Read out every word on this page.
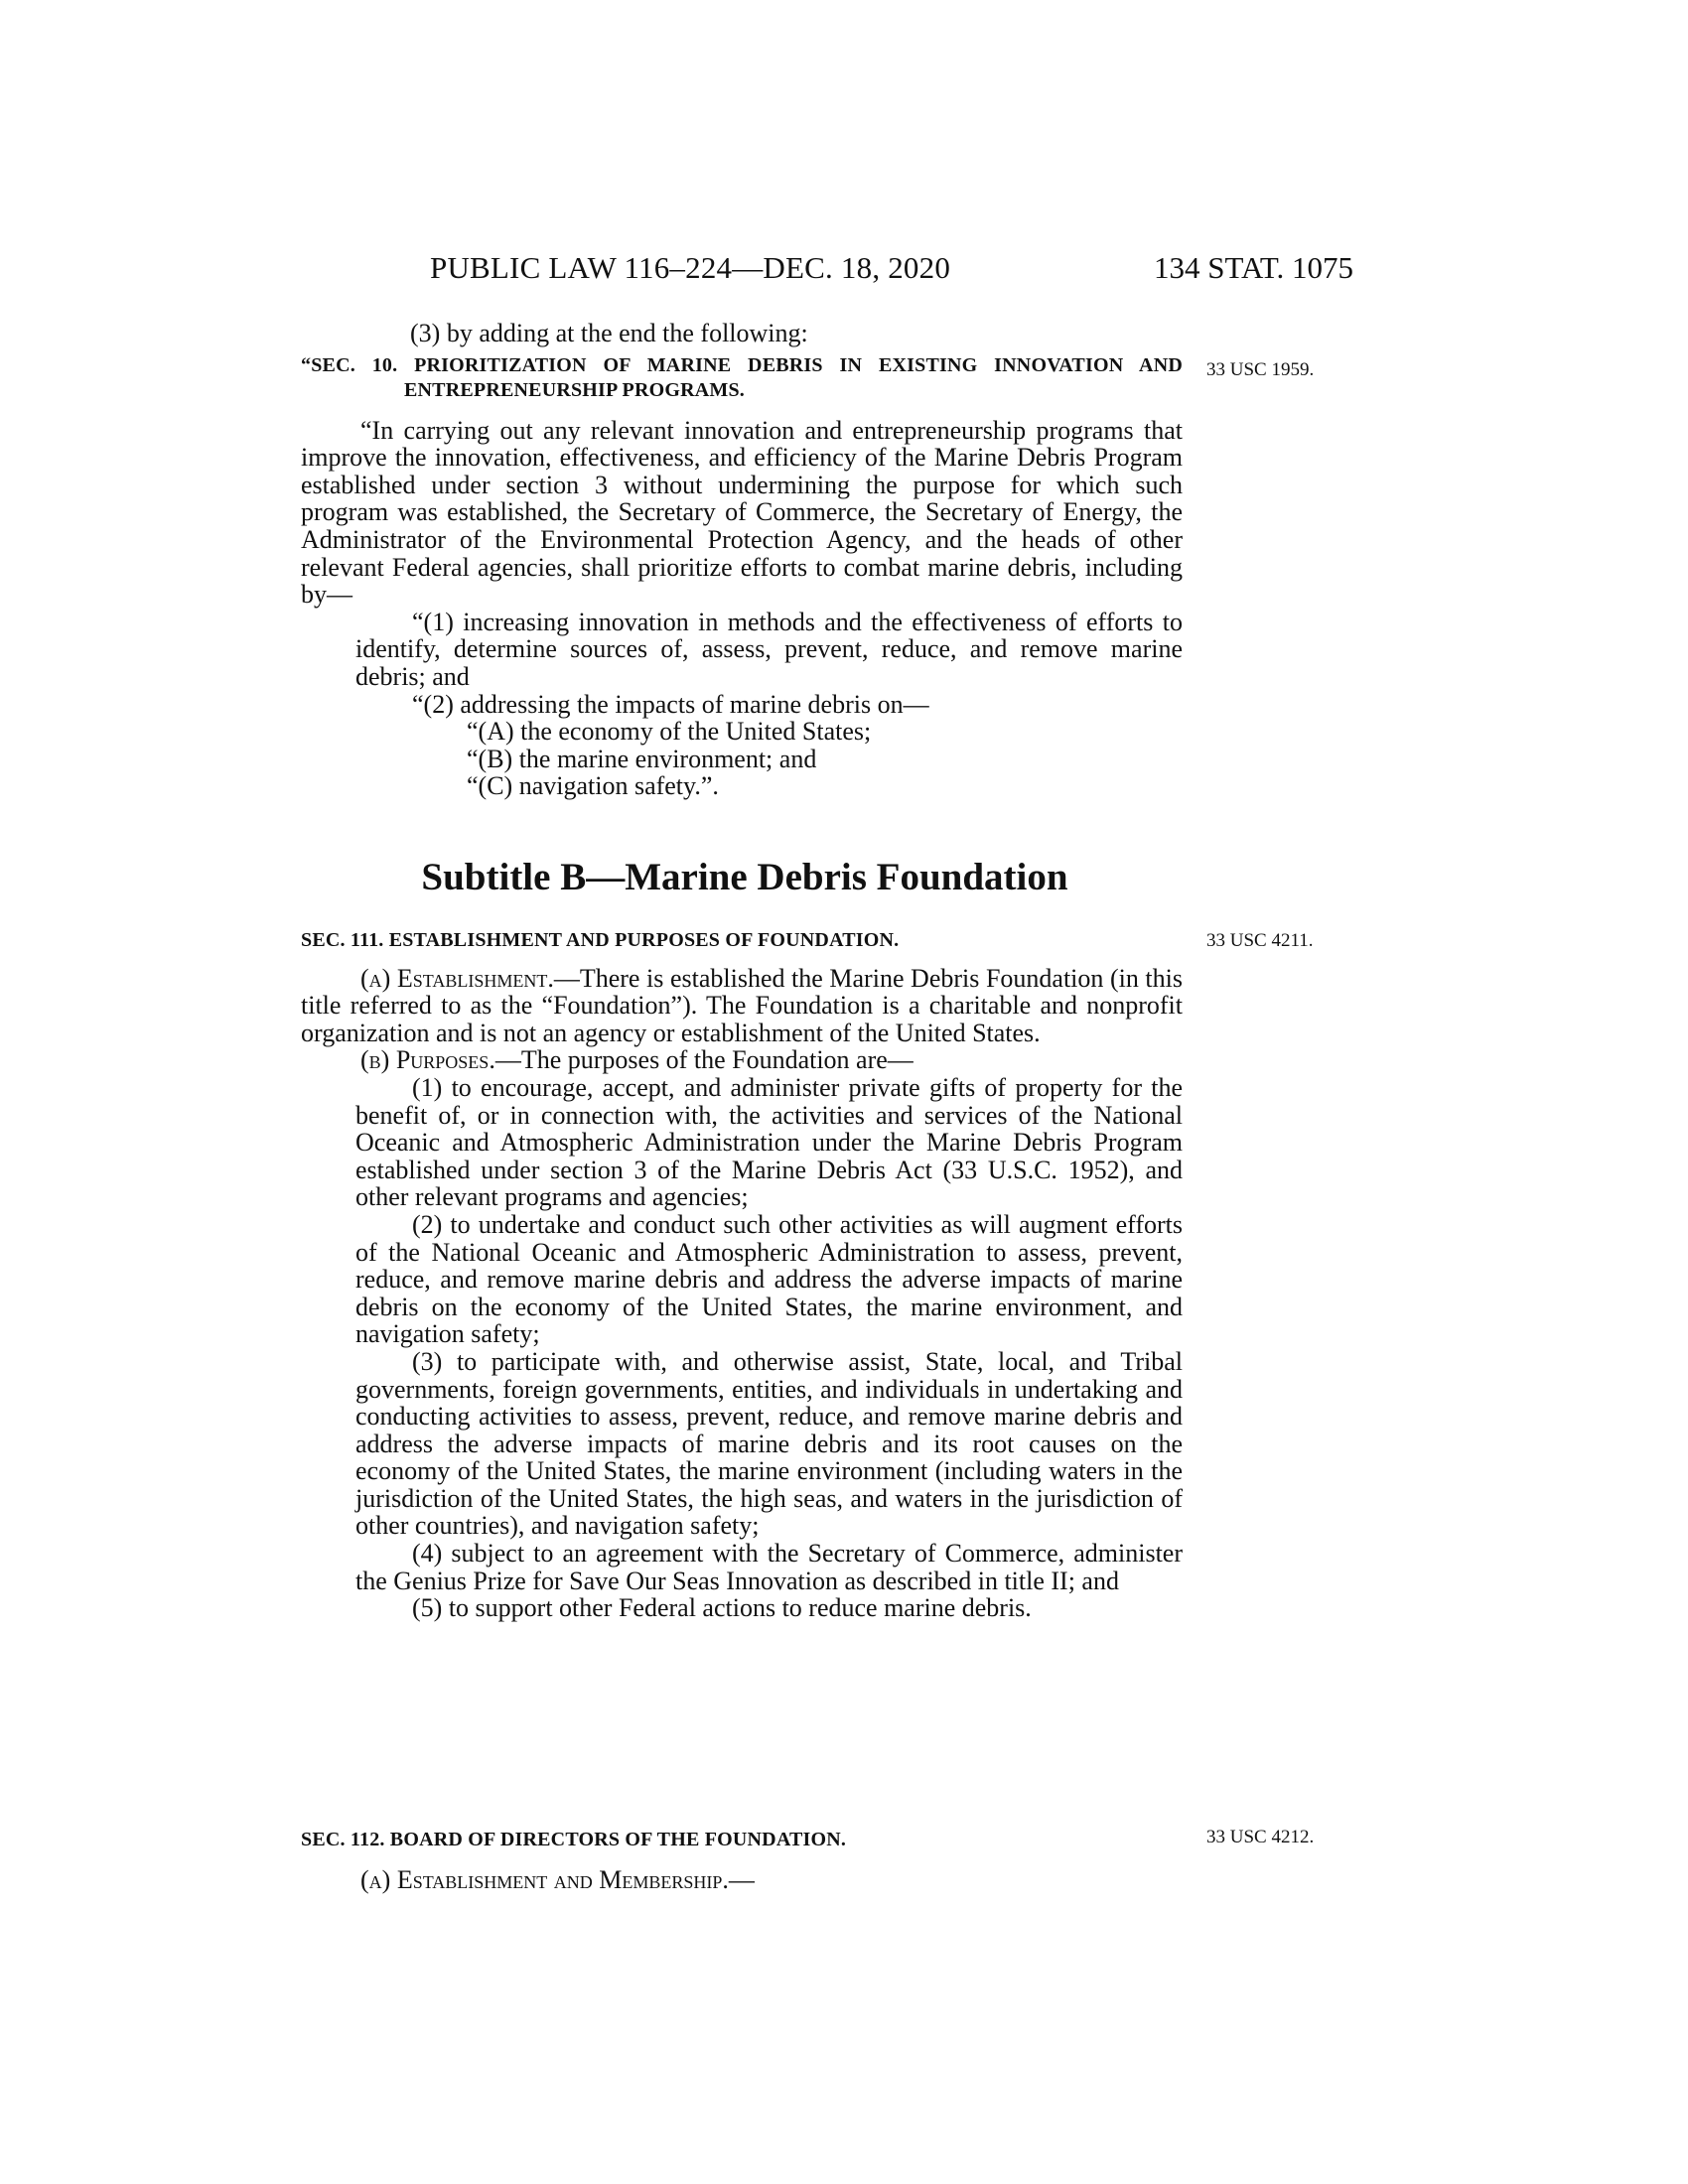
PUBLIC LAW 116–224—DEC. 18, 2020	134 STAT. 1075
33 USC 1959.
33 USC 4211.
33 USC 4212.

(3) by adding at the end the following:

“SEC. 10. PRIORITIZATION OF MARINE DEBRIS IN EXISTING INNOVATION AND ENTREPRENEURSHIP PROGRAMS.

“In carrying out any relevant innovation and entrepreneurship programs that improve the innovation, effectiveness, and efficiency of the Marine Debris Program established under section 3 without undermining the purpose for which such program was established, the Secretary of Commerce, the Secretary of Energy, the Administrator of the Environmental Protection Agency, and the heads of other relevant Federal agencies, shall prioritize efforts to combat marine debris, including by—

“(1) increasing innovation in methods and the effectiveness of efforts to identify, determine sources of, assess, prevent, reduce, and remove marine debris; and

“(2) addressing the impacts of marine debris on—

“(A) the economy of the United States;

“(B) the marine environment; and

“(C) navigation safety.”.

Subtitle B—Marine Debris Foundation

SEC. 111. ESTABLISHMENT AND PURPOSES OF FOUNDATION.

(a) Establishment.—There is established the Marine Debris Foundation (in this title referred to as the “Foundation”). The Foundation is a charitable and nonprofit organization and is not an agency or establishment of the United States.

(b) Purposes.—The purposes of the Foundation are—

(1) to encourage, accept, and administer private gifts of property for the benefit of, or in connection with, the activities and services of the National Oceanic and Atmospheric Administration under the Marine Debris Program established under section 3 of the Marine Debris Act (33 U.S.C. 1952), and other relevant programs and agencies;

(2) to undertake and conduct such other activities as will augment efforts of the National Oceanic and Atmospheric Administration to assess, prevent, reduce, and remove marine debris and address the adverse impacts of marine debris on the economy of the United States, the marine environment, and navigation safety;

(3) to participate with, and otherwise assist, State, local, and Tribal governments, foreign governments, entities, and individuals in undertaking and conducting activities to assess, prevent, reduce, and remove marine debris and address the adverse impacts of marine debris and its root causes on the economy of the United States, the marine environment (including waters in the jurisdiction of the United States, the high seas, and waters in the jurisdiction of other countries), and navigation safety;

(4) subject to an agreement with the Secretary of Commerce, administer the Genius Prize for Save Our Seas Innovation as described in title II; and

(5) to support other Federal actions to reduce marine debris.

SEC. 112. BOARD OF DIRECTORS OF THE FOUNDATION.

(a) Establishment and Membership.—
